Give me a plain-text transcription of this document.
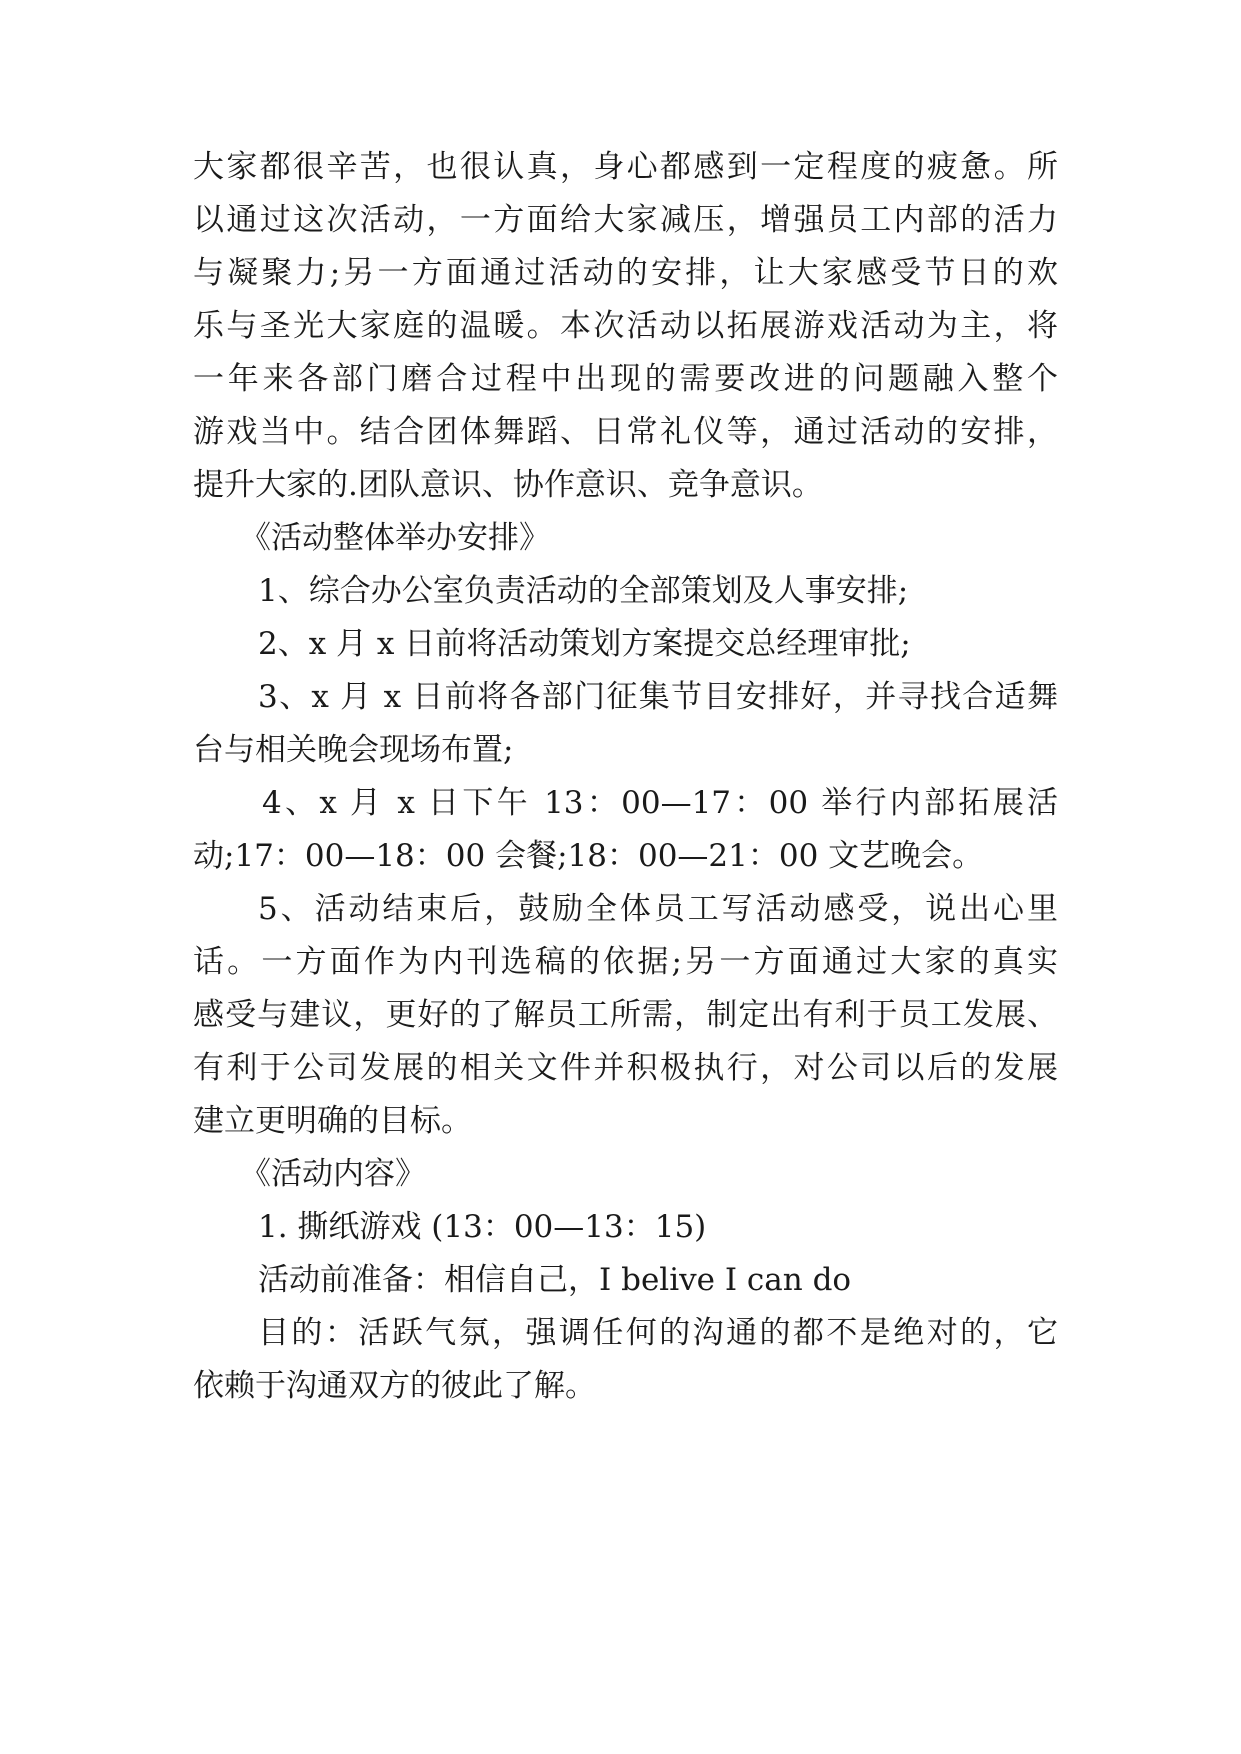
大家都很辛苦，也很认真，身心都感到一定程度的疲惫。所
以通过这次活动，一方面给大家减压，增强员工内部的活力
与凝聚力;另一方面通过活动的安排，让大家感受节日的欢
乐与圣光大家庭的温暖。本次活动以拓展游戏活动为主，将
一年来各部门磨合过程中出现的需要改进的问题融入整个
游戏当中。结合团体舞蹈、日常礼仪等，通过活动的安排，
提升大家的.团队意识、协作意识、竞争意识。
《活动整体举办安排》
1、综合办公室负责活动的全部策划及人事安排;
2、x 月 x 日前将活动策划方案提交总经理审批;
3、x 月 x 日前将各部门征集节目安排好，并寻找合适舞
台与相关晚会现场布置;
4、x 月 x 日下午 13：00—17：00 举行内部拓展活
动;17：00—18：00 会餐;18：00—21：00 文艺晚会。
5、活动结束后，鼓励全体员工写活动感受，说出心里
话。一方面作为内刊选稿的依据;另一方面通过大家的真实
感受与建议，更好的了解员工所需，制定出有利于员工发展、
有利于公司发展的相关文件并积极执行，对公司以后的发展
建立更明确的目标。
《活动内容》
1. 撕纸游戏 (13：00—13：15)
活动前准备：相信自己，I belive I can do
目的：活跃气氛，强调任何的沟通的都不是绝对的，它
依赖于沟通双方的彼此了解。
